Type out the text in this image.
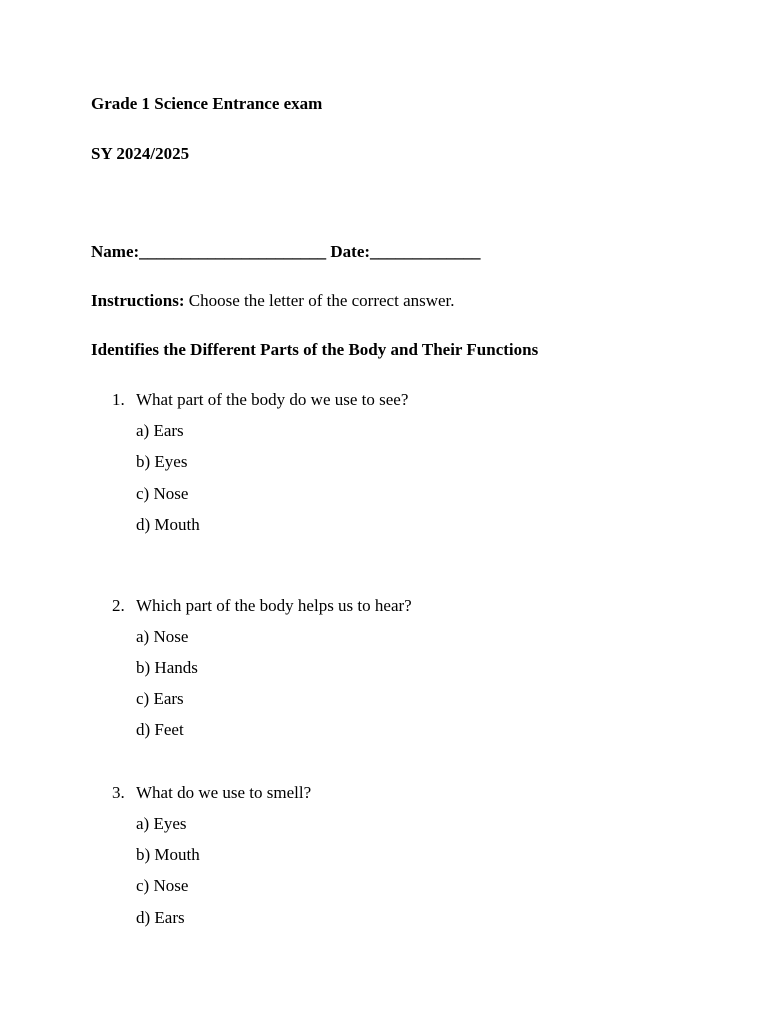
Grade 1 Science Entrance exam
SY 2024/2025
Name:______________________ Date:_____________
Instructions: Choose the letter of the correct answer.
Identifies the Different Parts of the Body and Their Functions
1. What part of the body do we use to see?
a) Ears
b) Eyes
c) Nose
d) Mouth
2. Which part of the body helps us to hear?
a) Nose
b) Hands
c) Ears
d) Feet
3. What do we use to smell?
a) Eyes
b) Mouth
c) Nose
d) Ears
